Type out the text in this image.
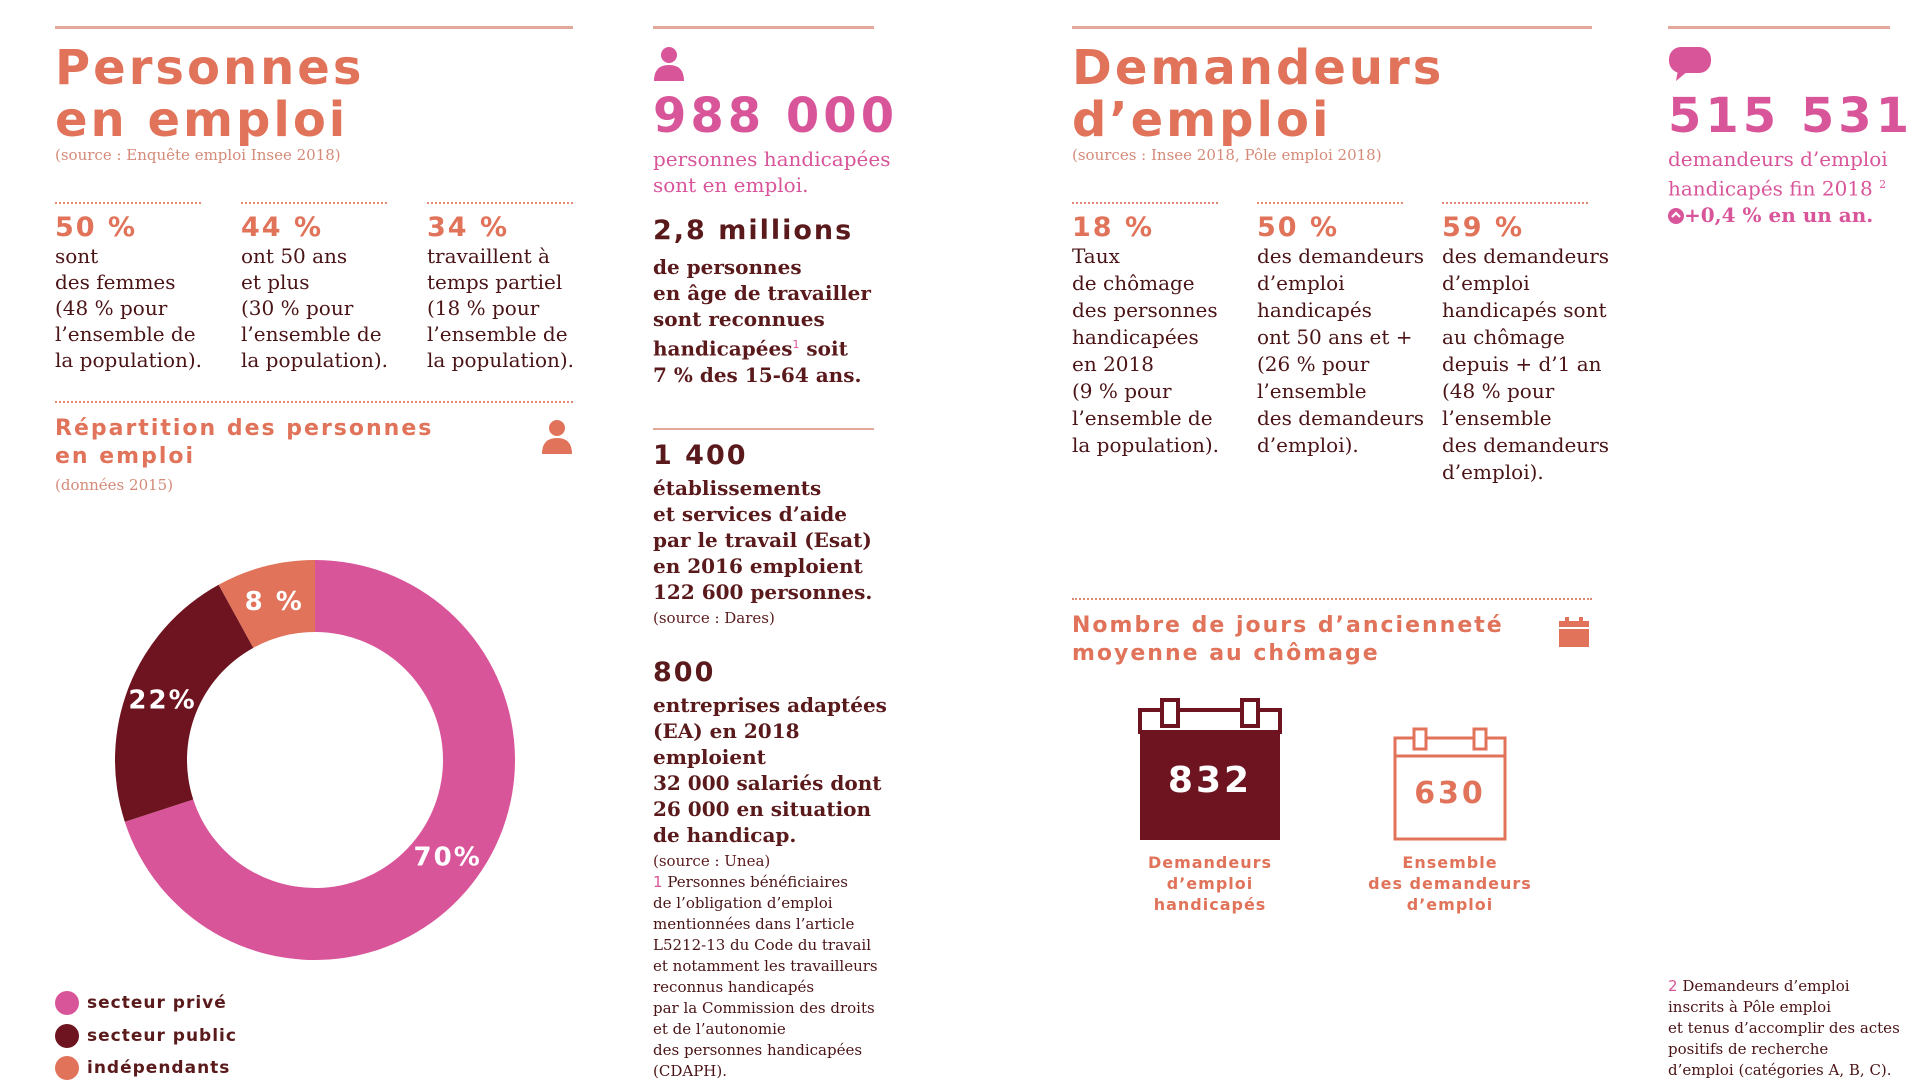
Personnes
en emploi
(source : Enquête emploi Insee 2018)
50 %
sont
des femmes
(48 % pour
l’ensemble de
la population).
44 %
ont 50 ans
et plus
(30 % pour
l’ensemble de
la population).
34 %
travaillent à
temps partiel
(18 % pour
l’ensemble de
la population).
Répartition des personnes
en emploi
(données 2015)
70%
22%
8 %
secteur privé
secteur public
indépendants
988 000
personnes handicapées
sont en emploi.
2,8 millions
de personnes
en âge de travailler
sont reconnues
handicapées$^1$ soit
7 % des 15-64 ans.
1 400
établissements
et services d’aide
par le travail (Esat)
en 2016 emploient
122 600 personnes.
(source : Dares)
800
entreprises adaptées
(EA) en 2018 emploient
32 000 salariés dont
26 000 en situation
de handicap.
(source : Unea)
1 Personnes bénéficiaires
de l’obligation d’emploi
mentionnées dans l’article
L5212-13 du Code du travail
et notamment les travailleurs
reconnus handicapés
par la Commission des droits
et de l’autonomie
des personnes handicapées
(CDAPH).
Demandeurs
d’emploi
(sources : Insee 2018, Pôle emploi 2018)
18 %
Taux
de chômage
des personnes
handicapées
en 2018
(9 % pour
l’ensemble de
la population).
50 %
des demandeurs
d’emploi
handicapés
ont 50 ans et +
(26 % pour
l’ensemble
des demandeurs
d’emploi).
59 %
des demandeurs
d’emploi
handicapés sont
au chômage
depuis + d’1 an
(48 % pour
l’ensemble
des demandeurs
d’emploi).
Nombre de jours d’ancienneté
moyenne au chômage
832
Demandeurs
d’emploi
handicapés
630
Ensemble
des demandeurs
d’emploi
515 531
demandeurs d’emploi
handicapés fin 2018 $^2$
+0,4 % en un an.
2 Demandeurs d’emploi
inscrits à Pôle emploi
et tenus d’accomplir des actes
positifs de recherche
d’emploi (catégories A, B, C).
